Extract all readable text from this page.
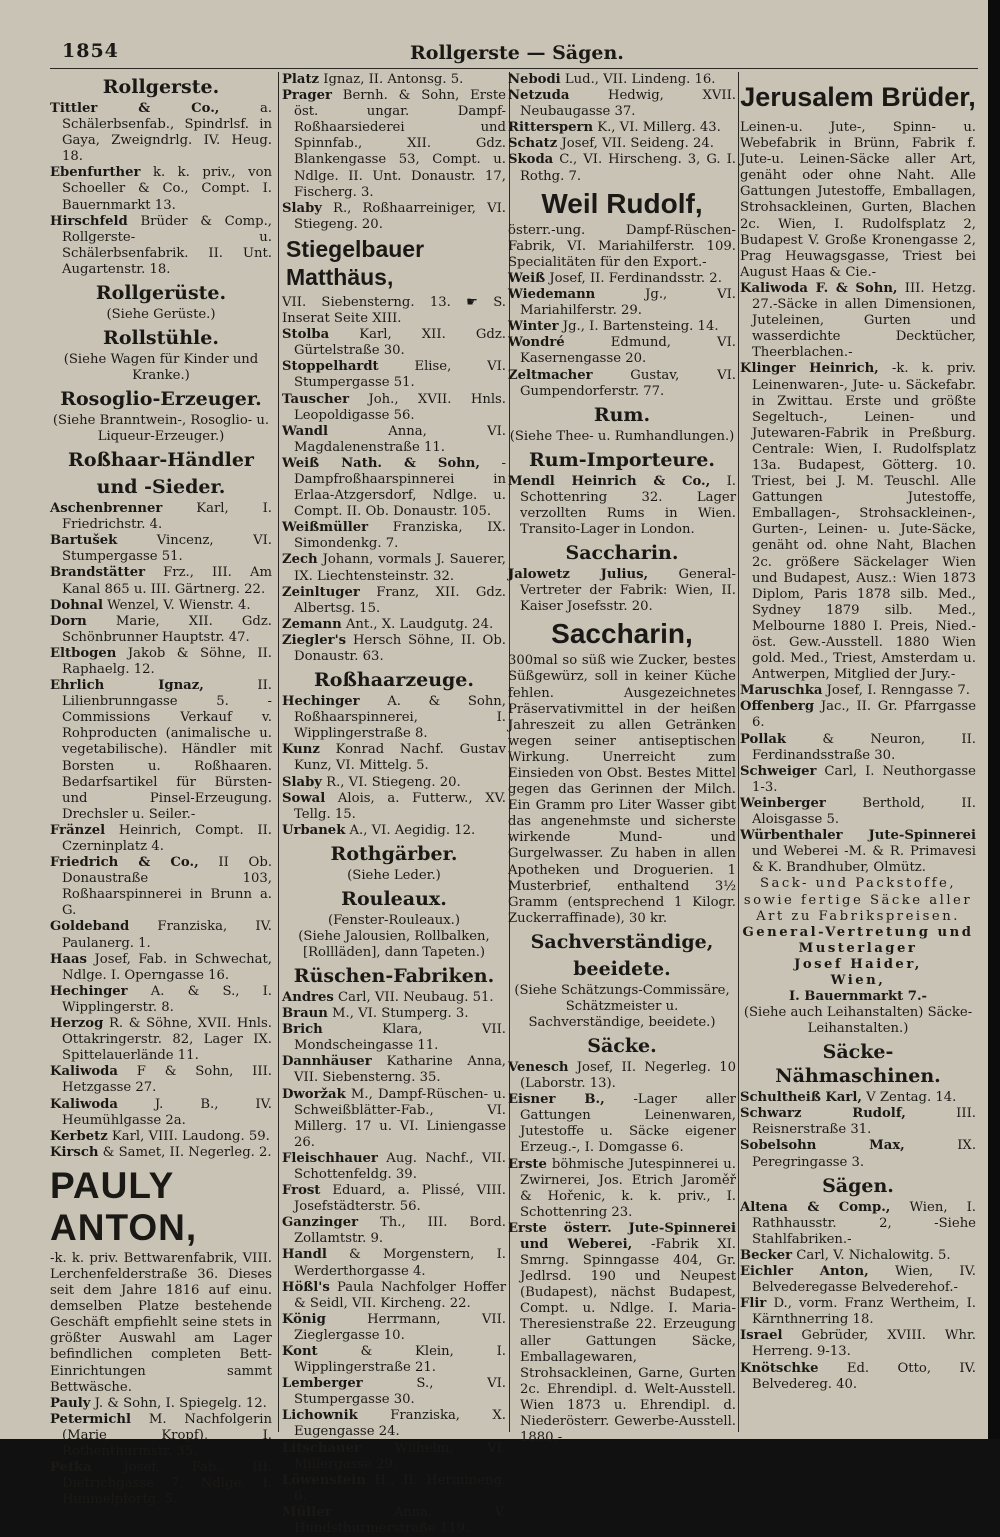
1854	Rollgerste — Sägen.
Rollgerste.
Tittler & Co., a. Schälerbsenfab., Spindrlsf. in Gaya, Zweigndrlg. IV. Heug. 18.
Ebenfurther k. k. priv., von Schoeller & Co., Compt. I. Bauernmarkt 13.
Hirschfeld Brüder & Comp., Rollgerste- u. Schälerbsenfabrik. II. Unt. Augartenstr. 18.
Rollgerüste.
(Siehe Gerüste.)
Rollstühle.
(Siehe Wagen für Kinder und Kranke.)
Rosoglio-Erzeuger.
(Siehe Branntwein-, Rosoglio- u. Liqueur-Erzeuger.)
Roßhaar-Händler
und -Sieder.
Aschenbrenner Karl, I. Friedrichstr. 4.
Bartušek Vincenz, VI. Stumpergasse 51.
Brandstätter Frz., III. Am Kanal 865 u. III. Gärtnerg. 22.
Dohnal Wenzel, V. Wienstr. 4.
Dorn Marie, XII. Gdz. Schönbrunner Hauptstr. 47.
Eltbogen Jakob & Söhne, II. Raphaelg. 12.
Ehrlich Ignaz, II. Lilienbrunngasse 5. -Commissions Verkauf v. Rohproducten (animalische u. vegetabilische). Händler mit Borsten u. Roßhaaren. Bedarfsartikel für Bürsten- und Pinsel-Erzeugung. Drechsler u. Seiler.-
Fränzel Heinrich, Compt. II. Czerninplatz 4.
Friedrich & Co., II Ob. Donaustraße 103, Roßhaarspinnerei in Brunn a. G.
Goldeband Franziska, IV. Paulanerg. 1.
Haas Josef, Fab. in Schwechat, Ndlge. I. Operngasse 16.
Hechinger A. & S., I. Wipplingerstr. 8.
Herzog R. & Söhne, XVII. Hnls. Ottakringerstr. 82, Lager IX. Spittelauerlände 11.
Kaliwoda F & Sohn, III. Hetzgasse 27.
Kaliwoda J. B., IV. Heumühlgasse 2a.
Kerbetz Karl, VIII. Laudong. 59.
Kirsch & Samet, II. Negerleg. 2.
PAULY ANTON,
-k. k. priv. Bettwarenfabrik, VIII. Lerchenfelderstraße 36. Dieses seit dem Jahre 1816 auf einu. demselben Platze bestehende Geschäft empfiehlt seine stets in größter Auswahl am Lager befindlichen completen Bett-Einrichtungen sammt Bettwäsche.
Pauly J. & Sohn, I. Spiegelg. 12.
Petermichl M. Nachfolgerin (Marie Kropf), I. Rothenthurmstr. 35.
Petka Josef, Fab. III. Dietrichgasse 7, Ndlge. I. Himmelpfortg. 5.
Platz Ignaz, II. Antonsg. 5.
Prager Bernh. & Sohn, Erste öst. ungar. Dampf-Roßhaarsiederei und Spinnfab., XII. Gdz. Blankengasse 53, Compt. u. Ndlge. II. Unt. Donaustr. 17, Fischerg. 3.
Slaby R., Roßhaarreiniger, VI. Stiegeng. 20.
Stiegelbauer Matthäus,
VII. Siebensterng. 13. ☛ S. Inserat Seite XIII.
Stolba Karl, XII. Gdz. Gürtelstraße 30.
Stoppelhardt Elise, VI. Stumpergasse 51.
Tauscher Joh., XVII. Hnls. Leopoldigasse 56.
Wandl Anna, VI. Magdalenenstraße 11.
Weiß Nath. & Sohn, -Dampfroßhaarspinnerei in Erlaa-Atzgersdorf, Ndlge. u. Compt. II. Ob. Donaustr. 105.
Weißmüller Franziska, IX. Simondenkg. 7.
Zech Johann, vormals J. Sauerer, IX. Liechtensteinstr. 32.
Zeinltuger Franz, XII. Gdz. Albertsg. 15.
Zemann Ant., X. Laudgutg. 24.
Ziegler's Hersch Söhne, II. Ob. Donaustr. 63.
Roßhaarzeuge.
Hechinger A. & Sohn, Roßhaarspinnerei, I. Wipplingerstraße 8.
Kunz Konrad Nachf. Gustav Kunz, VI. Mittelg. 5.
Slaby R., VI. Stiegeng. 20.
Sowal Alois, a. Futterw., XV. Tellg. 15.
Urbanek A., VI. Aegidig. 12.
Rothgärber.
(Siehe Leder.)
Rouleaux.
(Fenster-Rouleaux.)
(Siehe Jalousien, Rollbalken, [Rollläden], dann Tapeten.)
Rüschen-Fabriken.
Andres Carl, VII. Neubaug. 51.
Braun M., VI. Stumperg. 3.
Brich Klara, VII. Mondscheingasse 11.
Dannhäuser Katharine Anna, VII. Siebensterng. 35.
Dworžak M., Dampf-Rüschen- u. Schweißblätter-Fab., VI. Millerg. 17 u. VI. Liniengasse 26.
Fleischhauer Aug. Nachf., VII. Schottenfeldg. 39.
Frost Eduard, a. Plissé, VIII. Josefstädterstr. 56.
Ganzinger Th., III. Bord. Zollamtstr. 9.
Handl & Morgenstern, I. Werderthorgasse 4.
Hößl's Paula Nachfolger Hoffer & Seidl, VII. Kircheng. 22.
König Herrmann, VII. Zieglergasse 10.
Kont & Klein, I. Wipplingerstraße 21.
Lemberger S., VI. Stumpergasse 30.
Lichownik Franziska, X. Eugengasse 24.
Litschauer Wilhelm, VI. Millergasse 29.
Löwenstein H., II. Hermineng. 6.
Müller Anna, V. Hundsthurmerstraße 119.
Nebodi Lud., VII. Lindeng. 16.
Netzuda Hedwig, XVII. Neubaugasse 37.
Ritterspern K., VI. Millerg. 43.
Schatz Josef, VII. Seideng. 24.
Skoda C., VI. Hirscheng. 3, G. I. Rothg. 7.
Weil Rudolf,
österr.-ung. Dampf-Rüschen-Fabrik, VI. Mariahilferstr. 109. Specialitäten für den Export.-
Weiß Josef, II. Ferdinandsstr. 2.
Wiedemann Jg., VI. Mariahilferstr. 29.
Winter Jg., I. Bartensteing. 14.
Wondré Edmund, VI. Kasernengasse 20.
Zeltmacher Gustav, VI. Gumpendorferstr. 77.
Rum.
(Siehe Thee- u. Rumhandlungen.)
Rum-Importeure.
Mendl Heinrich & Co., I. Schottenring 32. Lager verzollten Rums in Wien. Transito-Lager in London.
Saccharin.
Jalowetz Julius, General-Vertreter der Fabrik: Wien, II. Kaiser Josefsstr. 20.
Saccharin,
300mal so süß wie Zucker, bestes Süßgewürz, soll in keiner Küche fehlen. Ausgezeichnetes Präservativmittel in der heißen Jahreszeit zu allen Getränken wegen seiner antiseptischen Wirkung. Unerreicht zum Einsieden von Obst. Bestes Mittel gegen das Gerinnen der Milch. Ein Gramm pro Liter Wasser gibt das angenehmste und sicherste wirkende Mund- und Gurgelwasser. Zu haben in allen Apotheken und Droguerien. 1 Musterbrief, enthaltend 3½ Gramm (entsprechend 1 Kilogr. Zuckerraffinade), 30 kr.
Sachverständige,
beeidete.
(Siehe Schätzungs-Commissäre, Schätzmeister u. Sachverständige, beeidete.)
Säcke.
Venesch Josef, II. Negerleg. 10 (Laborstr. 13).
Eisner B., -Lager aller Gattungen Leinenwaren, Jutestoffe u. Säcke eigener Erzeug.-, I. Domgasse 6.
Erste böhmische Jutespinnerei u. Zwirnerei, Jos. Etrich Jaroměř & Hořenic, k. k. priv., I. Schottenring 23.
Erste österr. Jute-Spinnerei und Weberei, -Fabrik XI. Smrng. Spinngasse 404, Gr. Jedlrsd. 190 und Neupest (Budapest), nächst Budapest, Compt. u. Ndlge. I. Maria-Theresienstraße 22. Erzeugung aller Gattungen Säcke, Emballagewaren, Strohsackleinen, Garne, Gurten 2c. Ehrendipl. d. Welt-Ausstell. Wien 1873 u. Ehrendipl. d. Niederösterr. Gewerbe-Ausstell. 1880.-
Jerusalem Brüder,
Leinen-u. Jute-, Spinn- u. Webefabrik in Brünn, Fabrik f. Jute-u. Leinen-Säcke aller Art, genäht oder ohne Naht. Alle Gattungen Jutestoffe, Emballagen, Strohsackleinen, Gurten, Blachen 2c. Wien, I. Rudolfsplatz 2, Budapest V. Große Kronengasse 2, Prag Heuwagsgasse, Triest bei August Haas & Cie.-
Kaliwoda F. & Sohn, III. Hetzg. 27.-Säcke in allen Dimensionen, Juteleinen, Gurten und wasserdichte Decktücher, Theerblachen.-
Klinger Heinrich, -k. k. priv. Leinenwaren-, Jute- u. Säckefabr. in Zwittau. Erste und größte Segeltuch-, Leinen- und Jutewaren-Fabrik in Preßburg. Centrale: Wien, I. Rudolfsplatz 13a. Budapest, Götterg. 10. Triest, bei J. M. Teuschl. Alle Gattungen Jutestoffe, Emballagen-, Strohsackleinen-, Gurten-, Leinen- u. Jute-Säcke, genäht od. ohne Naht, Blachen 2c. größere Säckelager Wien und Budapest, Ausz.: Wien 1873 Diplom, Paris 1878 silb. Med., Sydney 1879 silb. Med., Melbourne 1880 I. Preis, Nied.-öst. Gew.-Ausstell. 1880 Wien gold. Med., Triest, Amsterdam u. Antwerpen, Mitglied der Jury.-
Maruschka Josef, I. Renngasse 7.
Offenberg Jac., II. Gr. Pfarrgasse 6.
Pollak & Neuron, II. Ferdinandsstraße 30.
Schweiger Carl, I. Neuthorgasse 1-3.
Weinberger Berthold, II. Aloisgasse 5.
Würbenthaler Jute-Spinnerei und Weberei -M. & R. Primavesi & K. Brandhuber, Olmütz.
Sack- und Packstoffe, sowie fertige Säcke aller Art zu Fabrikspreisen.
General-Vertretung und Musterlager
Josef Haider,
Wien,
I. Bauernmarkt 7.-
(Siehe auch Leihanstalten) Säcke-Leihanstalten.)
Säcke-Nähmaschinen.
Schultheiß Karl, V Zentag. 14.
Schwarz Rudolf, III. Reisnerstraße 31.
Sobelsohn Max, IX. Peregringasse 3.
Sägen.
Altena & Comp., Wien, I. Rathhausstr. 2, -Siehe Stahlfabriken.-
Becker Carl, V. Nichalowitg. 5.
Eichler Anton, Wien, IV. Belvederegasse Belvederehof.-
Flir D., vorm. Franz Wertheim, I. Kärnthnerring 18.
Israel Gebrüder, XVIII. Whr. Herreng. 9-13.
Knötschke Ed. Otto, IV. Belvedereg. 40.
